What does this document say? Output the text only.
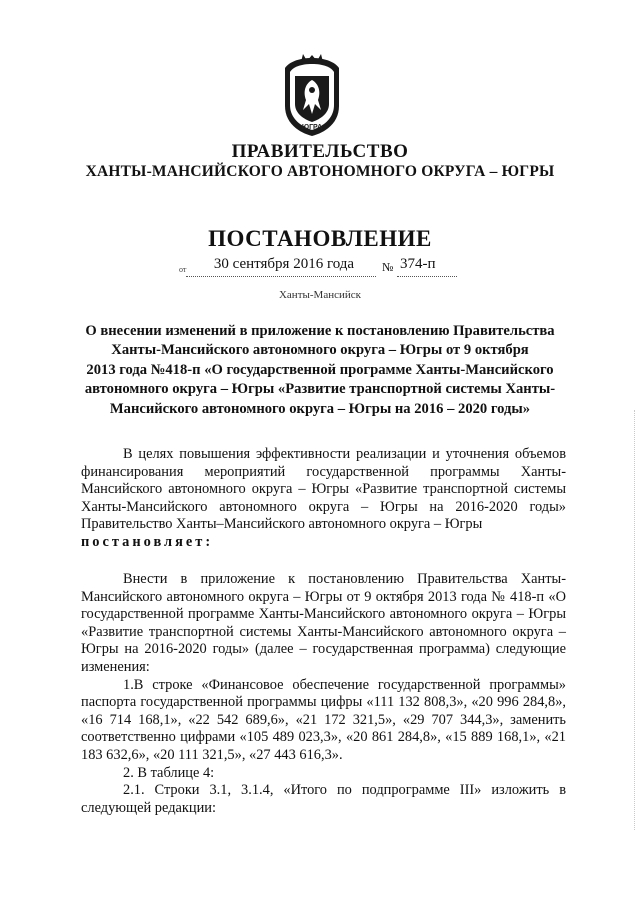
ЮГРА
ПРАВИТЕЛЬСТВО
ХАНТЫ-МАНСИЙСКОГО АВТОНОМНОГО ОКРУГА – ЮГРЫ
ПОСТАНОВЛЕНИЕ
от	30 сентября 2016 года	№ 374-п
Ханты-Мансийск
О внесении изменений в приложение к постановлению Правительства
Ханты-Мансийского автономного округа – Югры от 9 октября
2013 года №418-п «О государственной программе Ханты-Мансийского
автономного округа – Югры «Развитие транспортной системы Ханты-
Мансийского автономного округа – Югры на 2016 – 2020 годы»

В целях повышения эффективности реализации и уточнения объемов финансирования мероприятий государственной программы Ханты-Мансийского автономного округа – Югры «Развитие транспортной системы Ханты-Мансийского автономного округа – Югры на 2016-2020 годы» Правительство Ханты–Мансийского автономного округа – Югры

постановляет:

Внести в приложение к постановлению Правительства Ханты-Мансийского автономного округа – Югры от 9 октября 2013 года № 418-п «О государственной программе Ханты-Мансийского автономного округа – Югры «Развитие транспортной системы Ханты-Мансийского автономного округа – Югры на 2016-2020 годы» (далее – государственная программа) следующие изменения:

1.В строке «Финансовое обеспечение государственной программы» паспорта государственной программы цифры «111 132 808,3», «20 996 284,8», «16 714 168,1», «22 542 689,6», «21 172 321,5», «29 707 344,3», заменить соответственно цифрами «105 489 023,3», «20 861 284,8», «15 889 168,1», «21 183 632,6», «20 111 321,5», «27 443 616,3».

2. В таблице 4:

2.1. Строки 3.1, 3.1.4, «Итого по подпрограмме III» изложить в следующей редакции:
